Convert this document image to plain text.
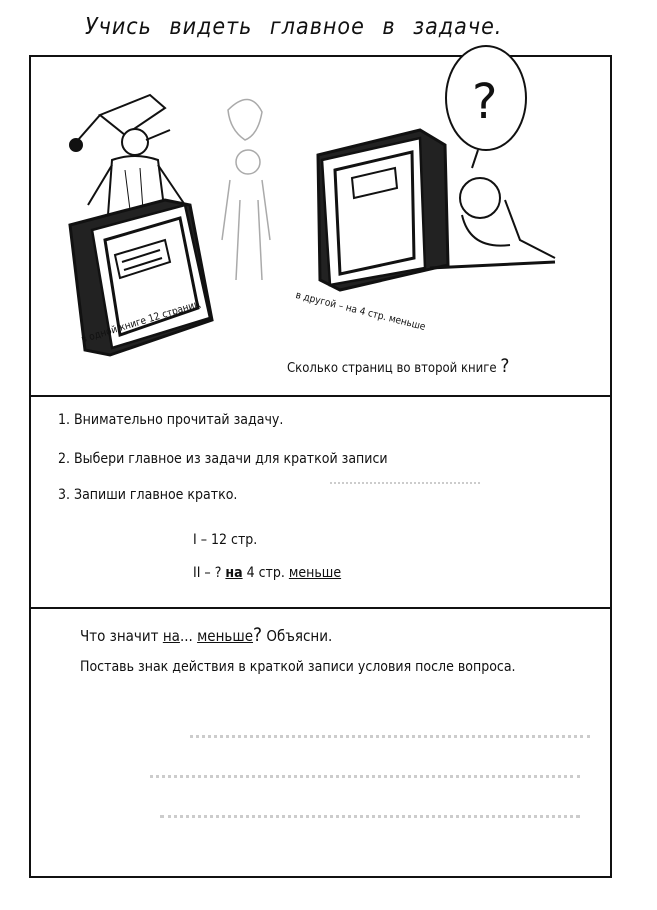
Учись видеть главное в задаче.
?
в одной книге 12 страниц	в другой – на 4 стр. меньше
Сколько страниц во второй книге ?
1. Внимательно прочитай задачу.
2. Выбери главное из задачи для краткой записи
3. Запиши главное кратко.
I – 12 стр.
II – ? на 4 стр. меньше
Что значит на... меньше? Объясни.
Поставь знак действия в краткой записи условия после вопроса.
